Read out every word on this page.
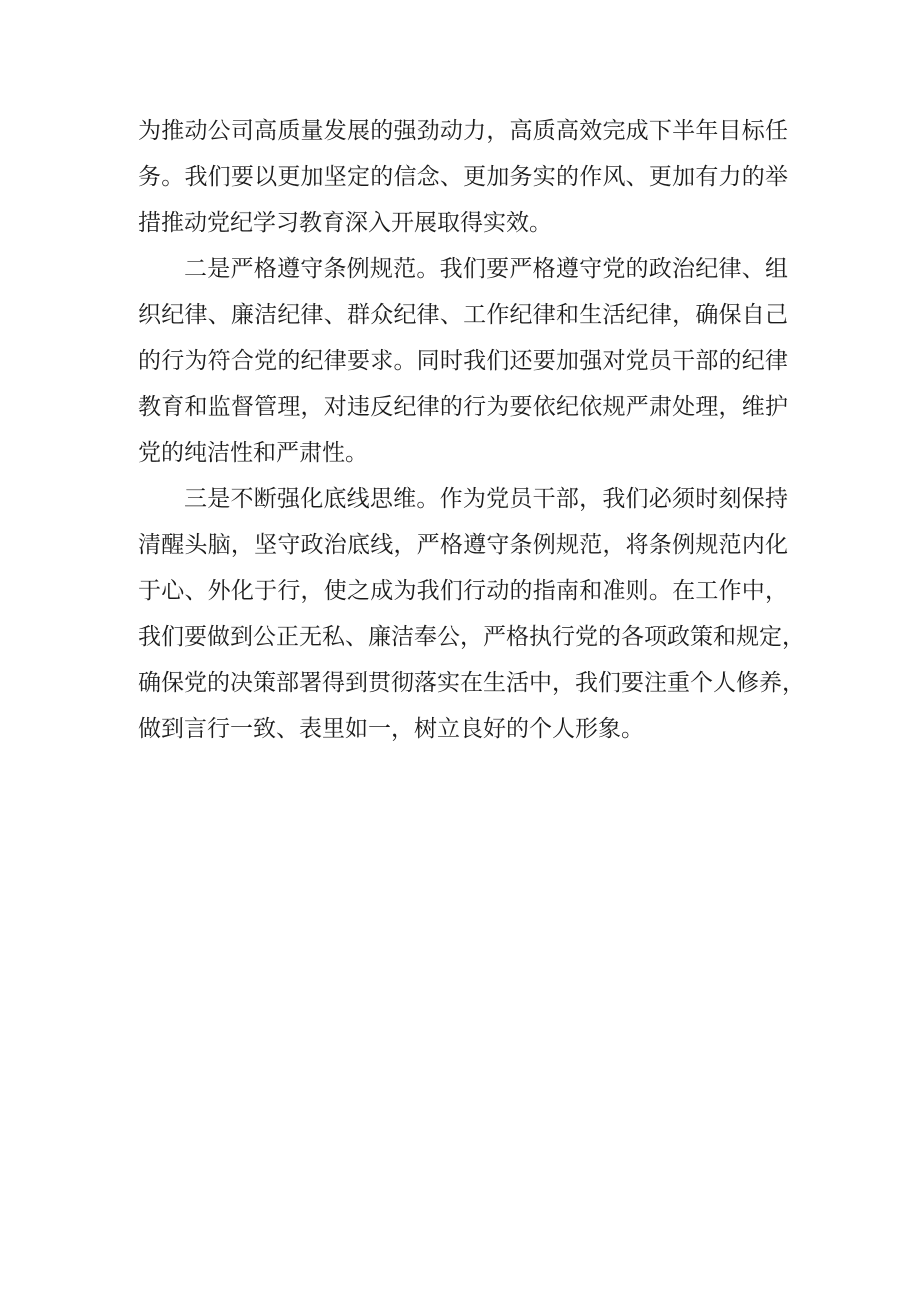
为推动公司高质量发展的强劲动力，高质高效完成下半年目标任
务。我们要以更加坚定的信念、更加务实的作风、更加有力的举
措推动党纪学习教育深入开展取得实效。
二是严格遵守条例规范。我们要严格遵守党的政治纪律、组
织纪律、廉洁纪律、群众纪律、工作纪律和生活纪律，确保自己
的行为符合党的纪律要求。同时我们还要加强对党员干部的纪律
教育和监督管理，对违反纪律的行为要依纪依规严肃处理，维护
党的纯洁性和严肃性。
三是不断强化底线思维。作为党员干部，我们必须时刻保持
清醒头脑，坚守政治底线，严格遵守条例规范，将条例规范内化
于心、外化于行，使之成为我们行动的指南和准则。在工作中，
我们要做到公正无私、廉洁奉公，严格执行党的各项政策和规定，
确保党的决策部署得到贯彻落实在生活中，我们要注重个人修养，
做到言行一致、表里如一，树立良好的个人形象。
